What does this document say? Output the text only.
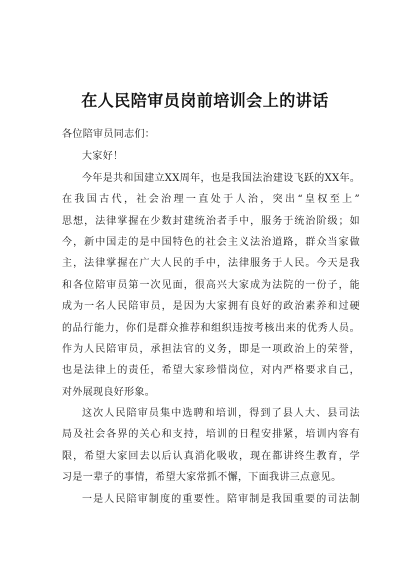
在人民陪审员岗前培训会上的讲话
各位陪审员同志们：
大家好！
今年是共和国建立XX周年，也是我国法治建设飞跃的XX年。
在我国古代，社会治理一直处于人治，突出“皇权至上”
思想，法律掌握在少数封建统治者手中，服务于统治阶级；如
今，新中国走的是中国特色的社会主义法治道路，群众当家做
主，法律掌握在广大人民的手中，法律服务于人民。今天是我
和各位陪审员第一次见面，很高兴大家成为法院的一份子，能
成为一名人民陪审员，是因为大家拥有良好的政治素养和过硬
的品行能力，你们是群众推荐和组织违按考核出来的优秀人员。
作为人民陪审员，承担法官的义务，即是一项政治上的荣誉，
也是法律上的责任，希望大家珍惜岗位，对内严格要求自己，
对外展现良好形象。
这次人民陪审员集中选聘和培训，得到了县人大、县司法
局及社会各界的关心和支持，培训的日程安排紧，培训内容有
限，希望大家回去以后认真消化吸收，现在都讲终生教育，学
习是一辈子的事情，希望大家常抓不懈，下面我讲三点意见。
一是人民陪审制度的重要性。陪审制是我国重要的司法制
